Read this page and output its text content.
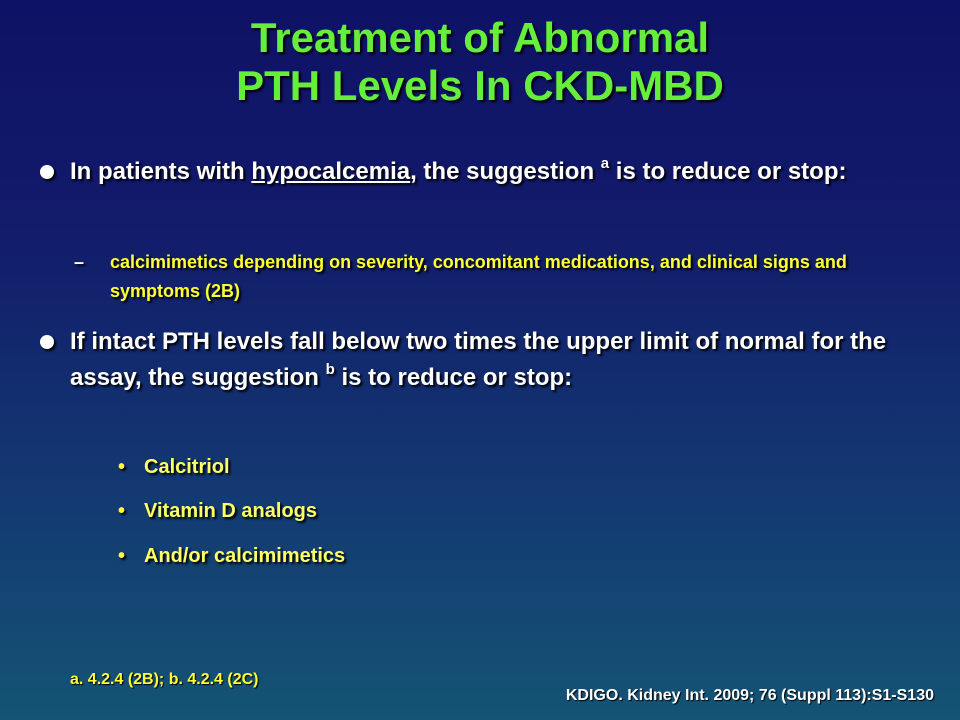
Treatment of Abnormal
PTH Levels In CKD-MBD
In patients with hypocalcemia, the suggestion $^a$ is to reduce or stop:
– calcimimetics depending on severity, concomitant medications, and clinical signs and symptoms (2B)
If intact PTH levels fall below two times the upper limit of normal for the assay, the suggestion $^b$ is to reduce or stop:
• Calcitriol
• Vitamin D analogs
• And/or calcimimetics
a. 4.2.4 (2B); b. 4.2.4 (2C)
KDIGO. Kidney Int. 2009; 76 (Suppl 113):S1-S130
